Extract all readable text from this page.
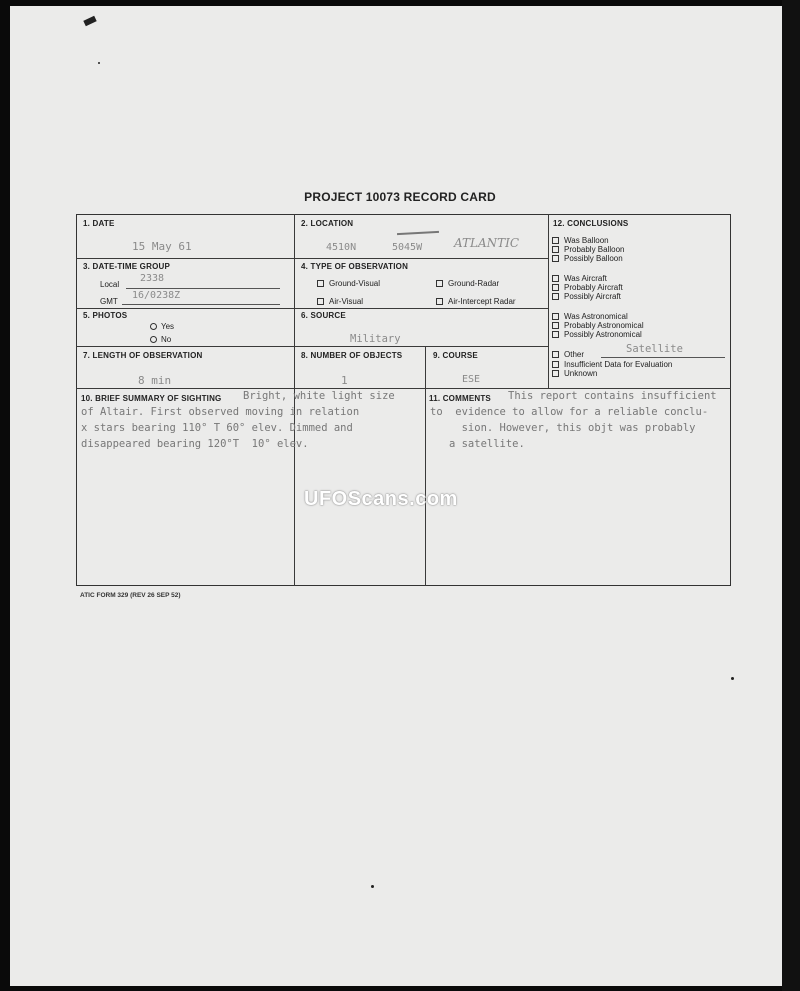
PROJECT 10073 RECORD CARD
1. DATE
15 May 61
2. LOCATION
4510N	5045W	ATLANTIC
3. DATE-TIME GROUP
Local
2338
GMT
16/0238Z
4. TYPE OF OBSERVATION
Ground-Visual	Ground-Radar
Air-Visual	Air-Intercept Radar
5. PHOTOS
Yes
No
6. SOURCE
Military
7. LENGTH OF OBSERVATION
8 min
8. NUMBER OF OBJECTS
1
9. COURSE
ESE
10. BRIEF SUMMARY OF SIGHTING Bright, white light size
of Altair. First observed moving in relation
x stars bearing 110° T 60° elev. Dimmed and
disappeared bearing 120°T  10° elev.
11. COMMENTS This report contains insufficient
to  evidence to allow for a reliable conclu-
sion. However, this objt was probably
a satellite.
12. CONCLUSIONS
Was Balloon
Probably Balloon
Possibly Balloon
Was Aircraft
Probably Aircraft
Possibly Aircraft
Was Astronomical
Probably Astronomical
Possibly Astronomical
Other	Satellite
Insufficient Data for Evaluation
Unknown
UFOScans.com
ATIC FORM 329 (REV 26 SEP 52)
